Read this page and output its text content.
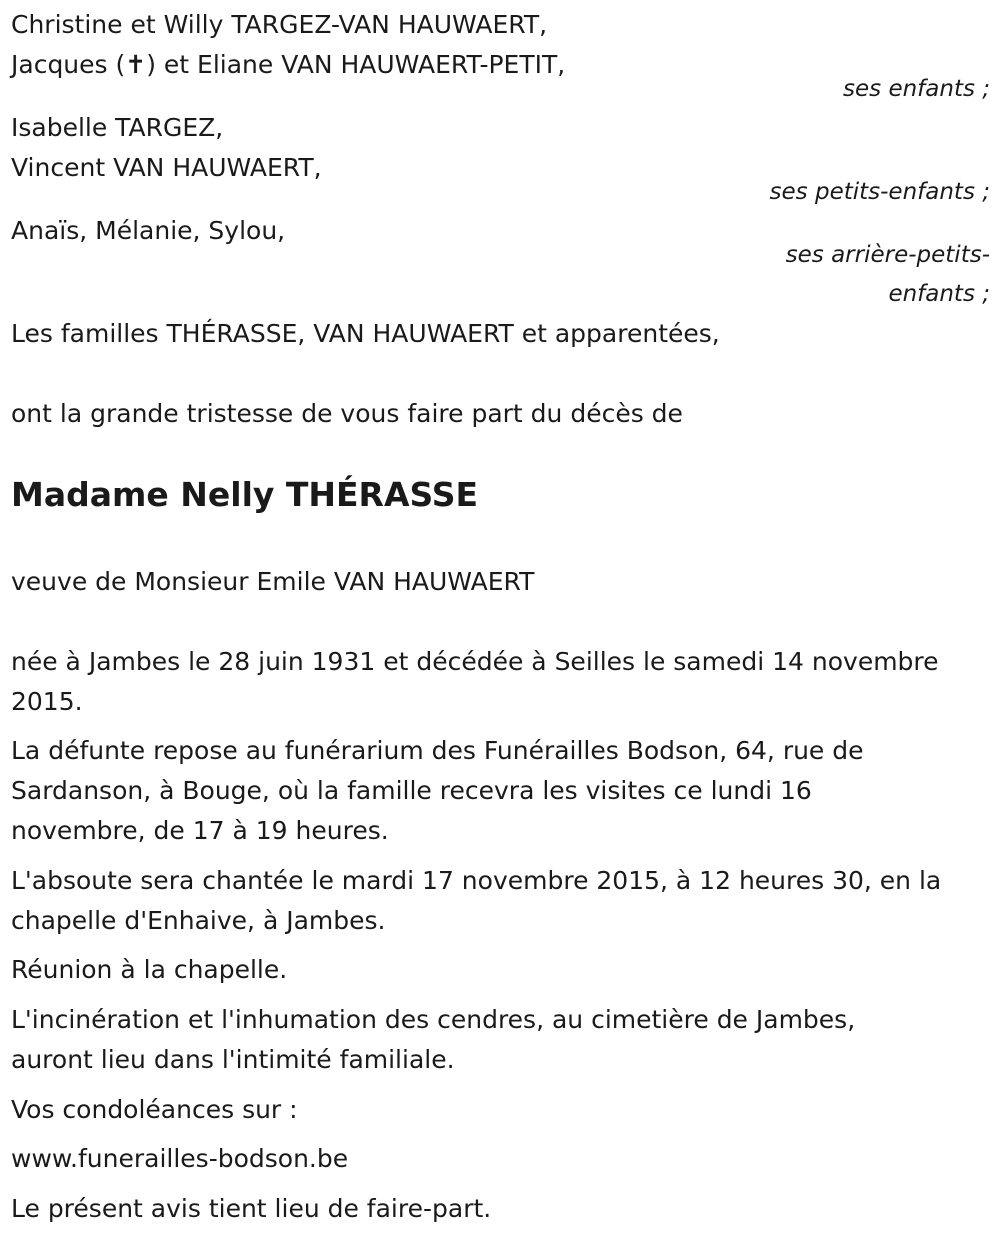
Christine et Willy TARGEZ-VAN HAUWAERT,

Jacques (✝) et Eliane VAN HAUWAERT-PETIT,

ses enfants ;

Isabelle TARGEZ,

Vincent VAN HAUWAERT,

ses petits-enfants ;

Anaïs, Mélanie, Sylou,

ses arrière-petits-

enfants ;

Les familles THÉRASSE, VAN HAUWAERT et apparentées,

ont la grande tristesse de vous faire part du décès de

Madame Nelly THÉRASSE

veuve de Monsieur Emile VAN HAUWAERT

née à Jambes le 28 juin 1931 et décédée à Seilles le samedi 14 novembre

2015.

La défunte repose au funérarium des Funérailles Bodson, 64, rue de

Sardanson, à Bouge, où la famille recevra les visites ce lundi 16

novembre, de 17 à 19 heures.

L'absoute sera chantée le mardi 17 novembre 2015, à 12 heures 30, en la

chapelle d'Enhaive, à Jambes.

Réunion à la chapelle.

L'incinération et l'inhumation des cendres, au cimetière de Jambes,

auront lieu dans l'intimité familiale.

Vos condoléances sur :

www.funerailles-bodson.be

Le présent avis tient lieu de faire-part.
